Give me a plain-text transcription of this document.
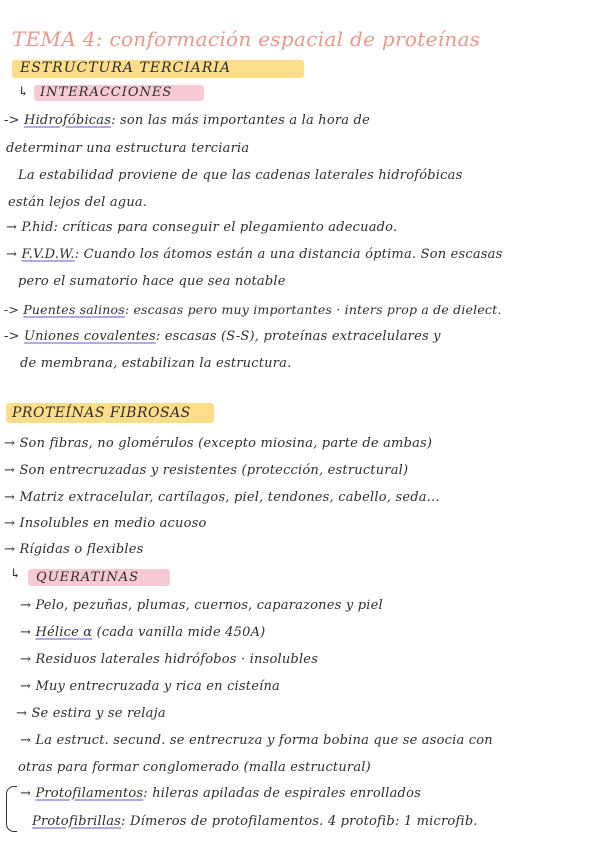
TEMA 4: conformación espacial de proteínas
ESTRUCTURA TERCIARIA
↳ INTERACCIONES
-> Hidrofóbicas: son las más importantes a la hora de
determinar una estructura terciaria
La estabilidad proviene de que las cadenas laterales hidrofóbicas
están lejos del agua.
→ P.hid: críticas para conseguir el plegamiento adecuado.
→ F.V.D.W.: Cuando los átomos están a una distancia óptima. Son escasas
pero el sumatorio hace que sea notable
-> Puentes salinos: escasas pero muy importantes · inters prop a de dielect.
-> Uniones covalentes: escasas (S-S), proteínas extracelulares y
de membrana, estabilizan la estructura.
PROTEÍNAS FIBROSAS
→ Son fibras, no glomérulos (excepto miosina, parte de ambas)
→ Son entrecruzadas y resistentes (protección, estructural)
→ Matriz extracelular, cartílagos, piel, tendones, cabello, seda...
→ Insolubles en medio acuoso
→ Rígidas o flexibles
↳ QUERATINAS
→ Pelo, pezuñas, plumas, cuernos, caparazones y piel
→ Hélice α (cada vanilla mide 450A)
→ Residuos laterales hidrófobos · insolubles
→ Muy entrecruzada y rica en cisteína
→ Se estira y se relaja
→ La estruct. secund. se entrecruza y forma bobina que se asocia con
otras para formar conglomerado (malla estructural)
→ Protofilamentos: hileras apiladas de espirales enrollados
Protofibrillas: Dímeros de protofilamentos. 4 protofib: 1 microfib.
